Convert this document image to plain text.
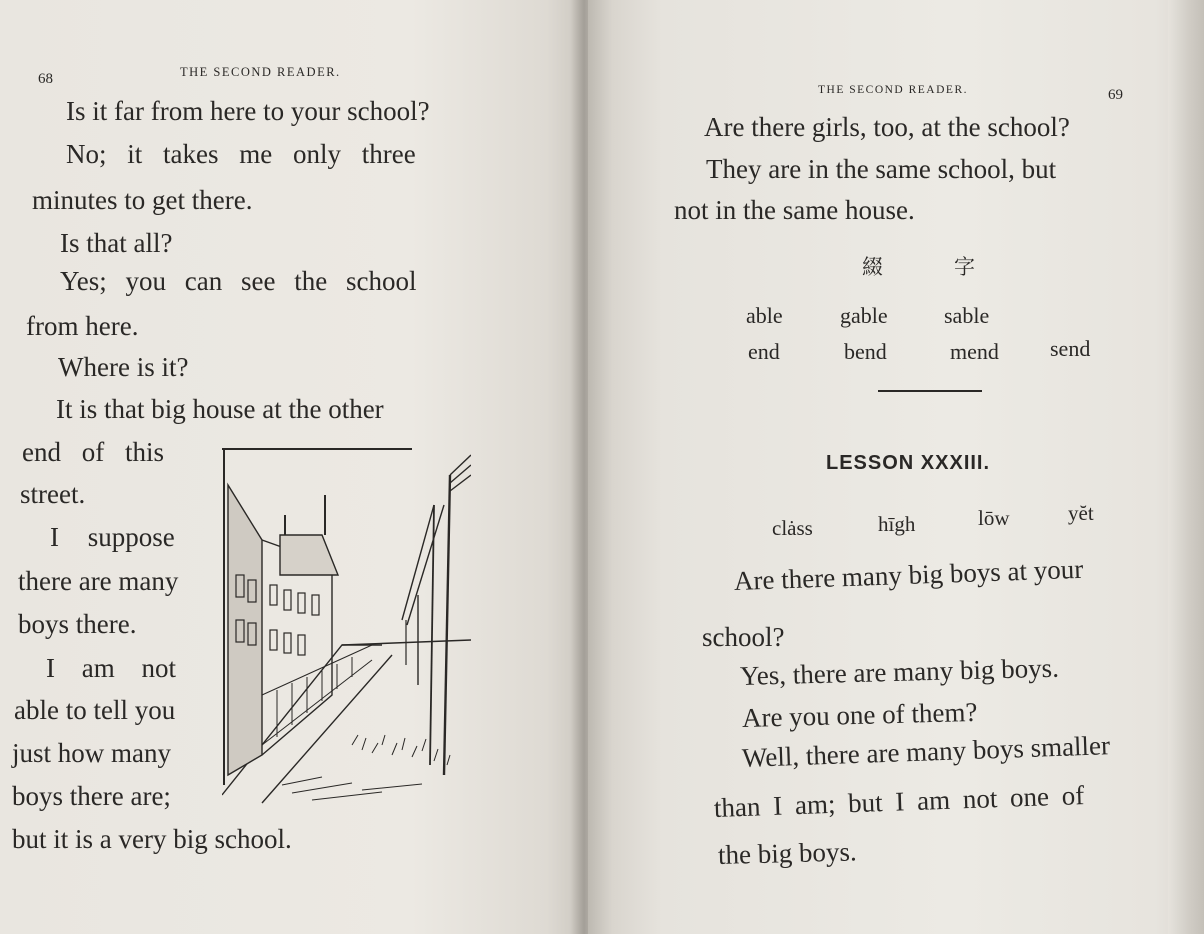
68	THE SECOND READER.
Is it far from here to your school?
No; it takes me only three
minutes to get there.
Is that all?
Yes; you can see the school
from here.
Where is it?
It is that big house at the other
end of this
street.
I suppose
there are many
boys there.
I am not
able to tell you
just how many
boys there are;
but it is a very big school.
THE SECOND READER.	69
Are there girls, too, at the school?
They are in the same school, but
not in the same house.
綴	字
able	gable	sable
end	bend	mend send
LESSON XXXIII.
clȧss	hīgh	lōw	yĕt
Are there many big boys at your
school?
Yes, there are many big boys.
Are you one of them?
Well, there are many boys smaller
than I am; but I am not one of
the big boys.
